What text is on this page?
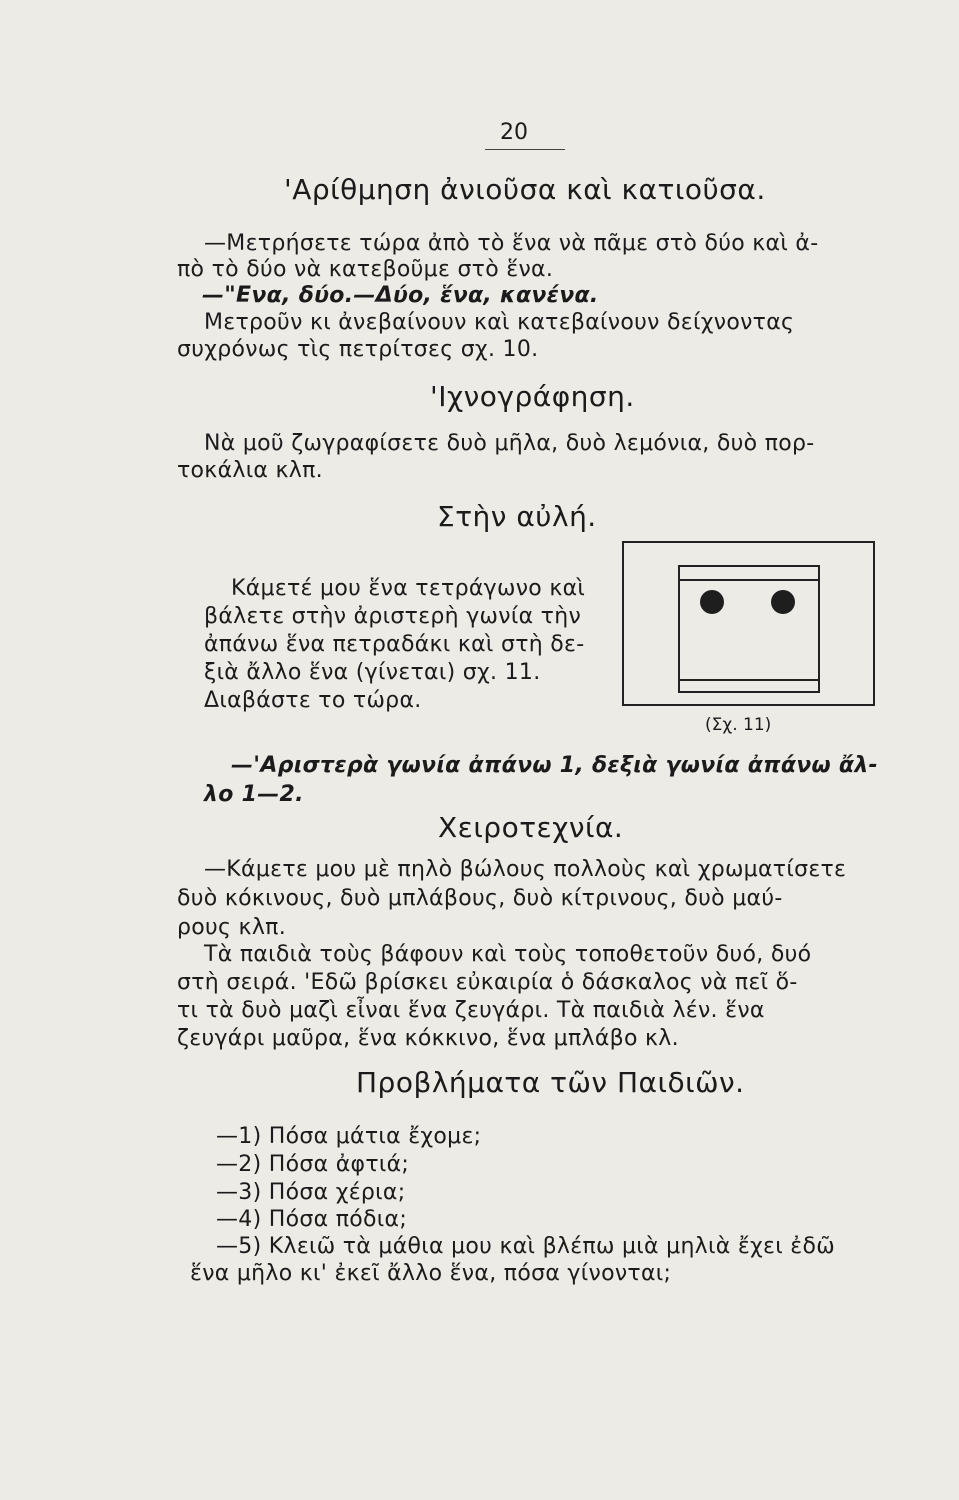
20
'Αρίθμηση ἀνιοῦσα καὶ κατιοῦσα.
—Μετρήσετε τώρα ἀπὸ τὸ ἕνα νὰ πᾶμε στὸ δύο καὶ ἀ-
πὸ τὸ δύο νὰ κατεβοῦμε στὸ ἕνα.
—"Ενα, δύο.—Δύο, ἕνα, κανένα.
Μετροῦν κι ἀνεβαίνουν καὶ κατεβαίνουν δείχνοντας
συχρόνως τὶς πετρίτσες σχ. 10.
'Ιχνογράφηση.
Νὰ μοῦ ζωγραφίσετε δυὸ μῆλα, δυὸ λεμόνια, δυὸ πορ-
τοκάλια κλπ.
Στὴν αὐλή.
Κάμετέ μου ἕνα τετράγωνο καὶ
βάλετε στὴν ἀριστερὴ γωνία τὴν
ἀπάνω ἕνα πετραδάκι καὶ στὴ δε-
ξιὰ ἄλλο ἕνα (γίνεται) σχ. 11.
Διαβάστε το τώρα.
(Σχ. 11)
—'Αριστερὰ γωνία ἀπάνω 1, δεξιὰ γωνία ἀπάνω ἄλ-
λο 1—2.
Χειροτεχνία.
—Κάμετε μου μὲ πηλὸ βώλους πολλοὺς καὶ χρωματίσετε
δυὸ κόκινους, δυὸ μπλάβους, δυὸ κίτρινους, δυὸ μαύ-
ρους κλπ.
Τὰ παιδιὰ τοὺς βάφουν καὶ τοὺς τοποθετοῦν δυό, δυό
στὴ σειρά. 'Εδῶ βρίσκει εὐκαιρία ὁ δάσκαλος νὰ πεῖ ὅ-
τι τὰ δυὸ μαζὶ εἶναι ἕνα ζευγάρι. Τὰ παιδιὰ λέν. ἕνα
ζευγάρι μαῦρα, ἕνα κόκκινο, ἕνα μπλάβο κλ.
Προβλήματα τῶν Παιδιῶν.
—1) Πόσα μάτια ἔχομε;
—2) Πόσα ἀφτιά;
—3) Πόσα χέρια;
—4) Πόσα πόδια;
—5) Κλειῶ τὰ μάθια μου καὶ βλέπω μιὰ μηλιὰ ἔχει ἐδῶ
ἕνα μῆλο κι' ἐκεῖ ἄλλο ἕνα, πόσα γίνονται;
